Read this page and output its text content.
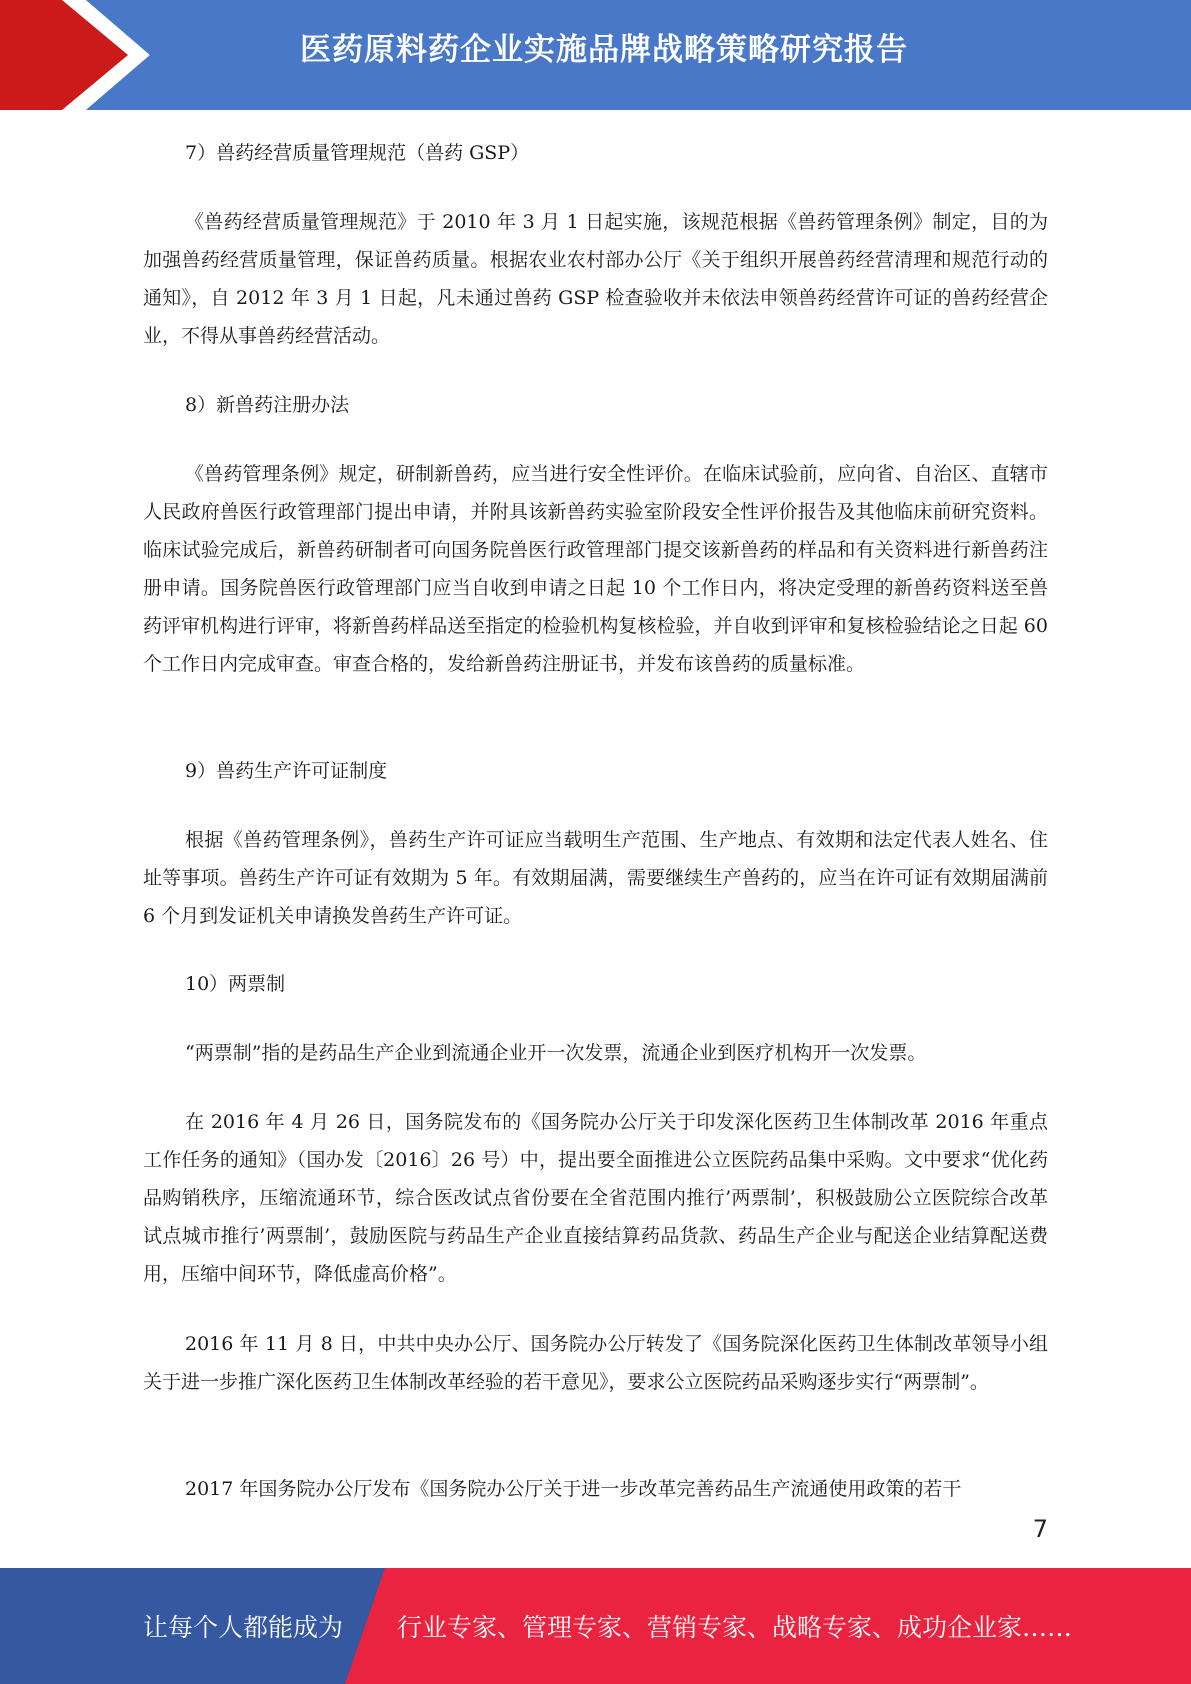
医药原料药企业实施品牌战略策略研究报告

7）兽药经营质量管理规范（兽药 GSP）

《兽药经营质量管理规范》于 2010 年 3 月 1 日起实施，该规范根据《兽药管理条例》制定，目的为加强兽药经营质量管理，保证兽药质量。根据农业农村部办公厅《关于组织开展兽药经营清理和规范行动的通知》，自 2012 年 3 月 1 日起，凡未通过兽药 GSP 检查验收并未依法申领兽药经营许可证的兽药经营企业，不得从事兽药经营活动。

8）新兽药注册办法

《兽药管理条例》规定，研制新兽药，应当进行安全性评价。在临床试验前，应向省、自治区、直辖市人民政府兽医行政管理部门提出申请，并附具该新兽药实验室阶段安全性评价报告及其他临床前研究资料。临床试验完成后，新兽药研制者可向国务院兽医行政管理部门提交该新兽药的样品和有关资料进行新兽药注册申请。国务院兽医行政管理部门应当自收到申请之日起 10 个工作日内，将决定受理的新兽药资料送至兽药评审机构进行评审，将新兽药样品送至指定的检验机构复核检验，并自收到评审和复核检验结论之日起 60 个工作日内完成审查。审查合格的，发给新兽药注册证书，并发布该兽药的质量标准。

9）兽药生产许可证制度

根据《兽药管理条例》，兽药生产许可证应当载明生产范围、生产地点、有效期和法定代表人姓名、住址等事项。兽药生产许可证有效期为 5 年。有效期届满，需要继续生产兽药的，应当在许可证有效期届满前 6 个月到发证机关申请换发兽药生产许可证。

10）两票制

“两票制”指的是药品生产企业到流通企业开一次发票，流通企业到医疗机构开一次发票。

在 2016 年 4 月 26 日，国务院发布的《国务院办公厅关于印发深化医药卫生体制改革 2016 年重点工作任务的通知》（国办发〔2016〕26 号）中，提出要全面推进公立医院药品集中采购。文中要求“优化药品购销秩序，压缩流通环节，综合医改试点省份要在全省范围内推行’两票制’，积极鼓励公立医院综合改革试点城市推行’两票制’，鼓励医院与药品生产企业直接结算药品货款、药品生产企业与配送企业结算配送费用，压缩中间环节，降低虚高价格”。

2016 年 11 月 8 日，中共中央办公厅、国务院办公厅转发了《国务院深化医药卫生体制改革领导小组关于进一步推广深化医药卫生体制改革经验的若干意见》，要求公立医院药品采购逐步实行“两票制”。

2017 年国务院办公厅发布《国务院办公厅关于进一步改革完善药品生产流通使用政策的若干

7
让每个人都能成为 行业专家、管理专家、营销专家、战略专家、成功企业家……
